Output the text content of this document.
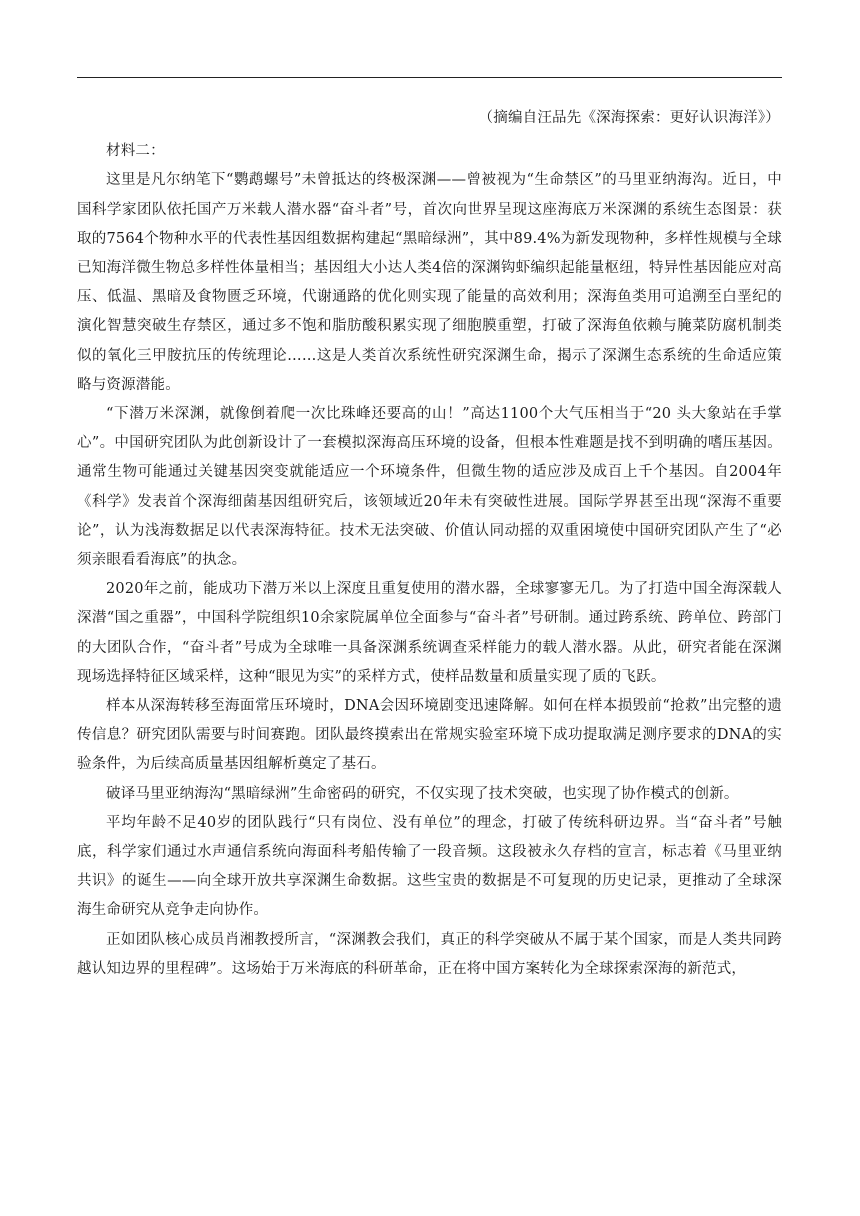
（摘编自汪品先《深海探索：更好认识海洋》）

材料二：

这里是凡尔纳笔下“鹦鹉螺号”未曾抵达的终极深渊——曾被视为“生命禁区”的马里亚纳海沟。近日，中国科学家团队依托国产万米载人潜水器“奋斗者”号，首次向世界呈现这座海底万米深渊的系统生态图景：获取的7564个物种水平的代表性基因组数据构建起“黑暗绿洲”，其中89.4%为新发现物种，多样性规模与全球已知海洋微生物总多样性体量相当；基因组大小达人类4倍的深渊钩虾编织起能量枢纽，特异性基因能应对高压、低温、黑暗及食物匮乏环境，代谢通路的优化则实现了能量的高效利用；深海鱼类用可追溯至白垩纪的演化智慧突破生存禁区，通过多不饱和脂肪酸积累实现了细胞膜重塑，打破了深海鱼依赖与腌菜防腐机制类似的氧化三甲胺抗压的传统理论……这是人类首次系统性研究深渊生命，揭示了深渊生态系统的生命适应策略与资源潜能。

“下潜万米深渊，就像倒着爬一次比珠峰还要高的山！”高达1100个大气压相当于“20 头大象站在手掌心”。中国研究团队为此创新设计了一套模拟深海高压环境的设备，但根本性难题是找不到明确的嗜压基因。通常生物可能通过关键基因突变就能适应一个环境条件，但微生物的适应涉及成百上千个基因。自2004年《科学》发表首个深海细菌基因组研究后，该领域近20年未有突破性进展。国际学界甚至出现“深海不重要论”，认为浅海数据足以代表深海特征。技术无法突破、价值认同动摇的双重困境使中国研究团队产生了“必须亲眼看看海底”的执念。

2020年之前，能成功下潜万米以上深度且重复使用的潜水器，全球寥寥无几。为了打造中国全海深载人深潜“国之重器”，中国科学院组织10余家院属单位全面参与“奋斗者”号研制。通过跨系统、跨单位、跨部门的大团队合作，“奋斗者”号成为全球唯一具备深渊系统调查采样能力的载人潜水器。从此，研究者能在深渊现场选择特征区域采样，这种“眼见为实”的采样方式，使样品数量和质量实现了质的飞跃。

样本从深海转移至海面常压环境时，DNA会因环境剧变迅速降解。如何在样本损毁前“抢救”出完整的遗传信息？研究团队需要与时间赛跑。团队最终摸索出在常规实验室环境下成功提取满足测序要求的DNA的实验条件，为后续高质量基因组解析奠定了基石。

破译马里亚纳海沟“黑暗绿洲”生命密码的研究，不仅实现了技术突破，也实现了协作模式的创新。

平均年龄不足40岁的团队践行“只有岗位、没有单位”的理念，打破了传统科研边界。当“奋斗者”号触底，科学家们通过水声通信系统向海面科考船传输了一段音频。这段被永久存档的宣言，标志着《马里亚纳共识》的诞生——向全球开放共享深渊生命数据。这些宝贵的数据是不可复现的历史记录，更推动了全球深海生命研究从竞争走向协作。

正如团队核心成员肖湘教授所言，“深渊教会我们，真正的科学突破从不属于某个国家，而是人类共同跨越认知边界的里程碑”。这场始于万米海底的科研革命，正在将中国方案转化为全球探索深海的新范式，
